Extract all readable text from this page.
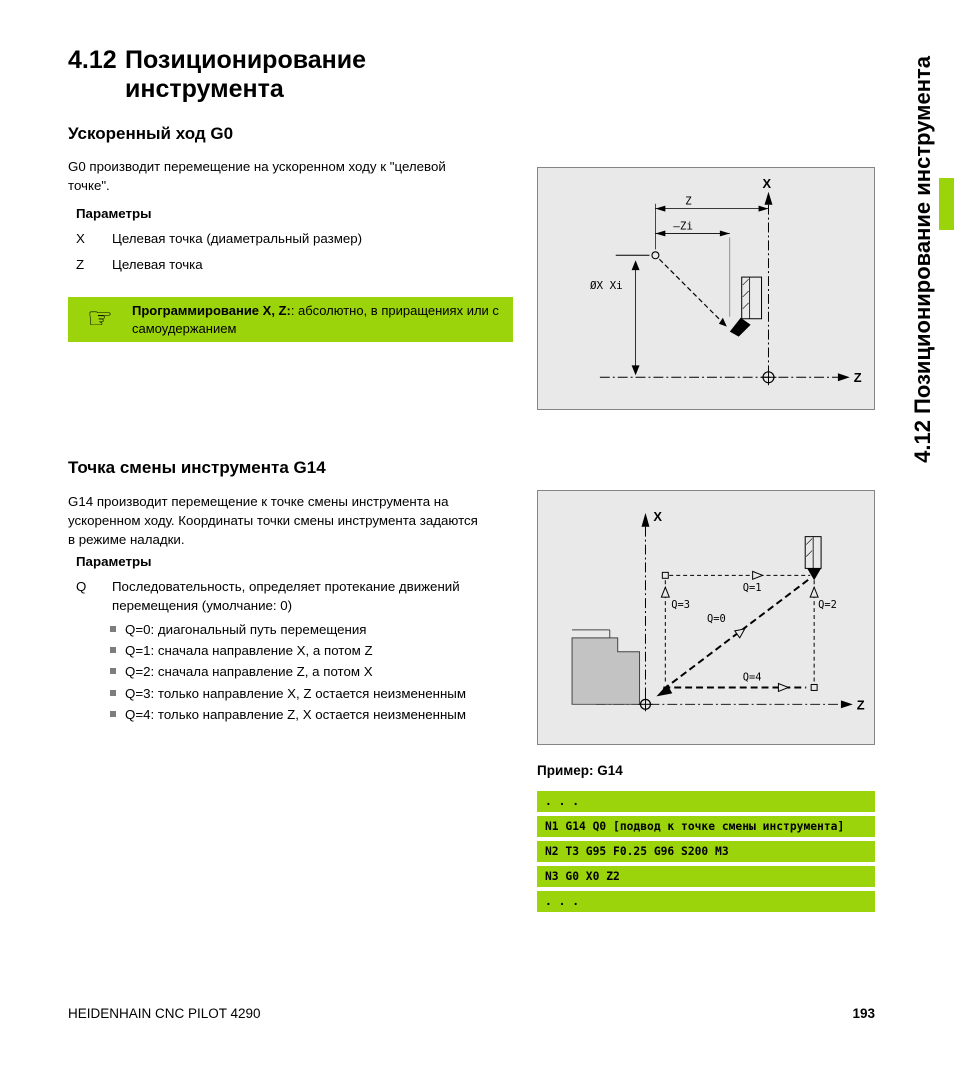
4.12 Позиционирование инструмента
Ускоренный ход G0
G0 производит перемещение на ускоренном ходу к "целевой точке".
Параметры
X	Целевая точка (диаметральный размер)
Z	Целевая точка
☞	Программирование X, Z:: абсолютно, в приращениях или с самоудержанием
X
Z
Z
–Zi
ØX Xi
Точка смены инструмента G14
G14 производит перемещение к точке смены инструмента на ускоренном ходу. Координаты точки смены инструмента задаются в режиме наладки.
Параметры
Q	Последовательность, определяет протекание движений перемещения (умолчание: 0)
Q=0: диагональный путь перемещения
Q=1: сначала направление X, а потом Z
Q=2: сначала направление Z, а потом X
Q=3: только направление X, Z остается неизмененным
Q=4: только направление Z, X остается неизмененным
X
Z
Q=1
Q=3	Q=2
Q=0
Q=4
Пример: G14
. . .
N1 G14 Q0 [подвод к точке смены инструмента]
N2 T3 G95 F0.25 G96 S200 M3
N3 G0 X0 Z2
. . .
4.12 Позиционирование инструмента
HEIDENHAIN CNC PILOT 4290	193
